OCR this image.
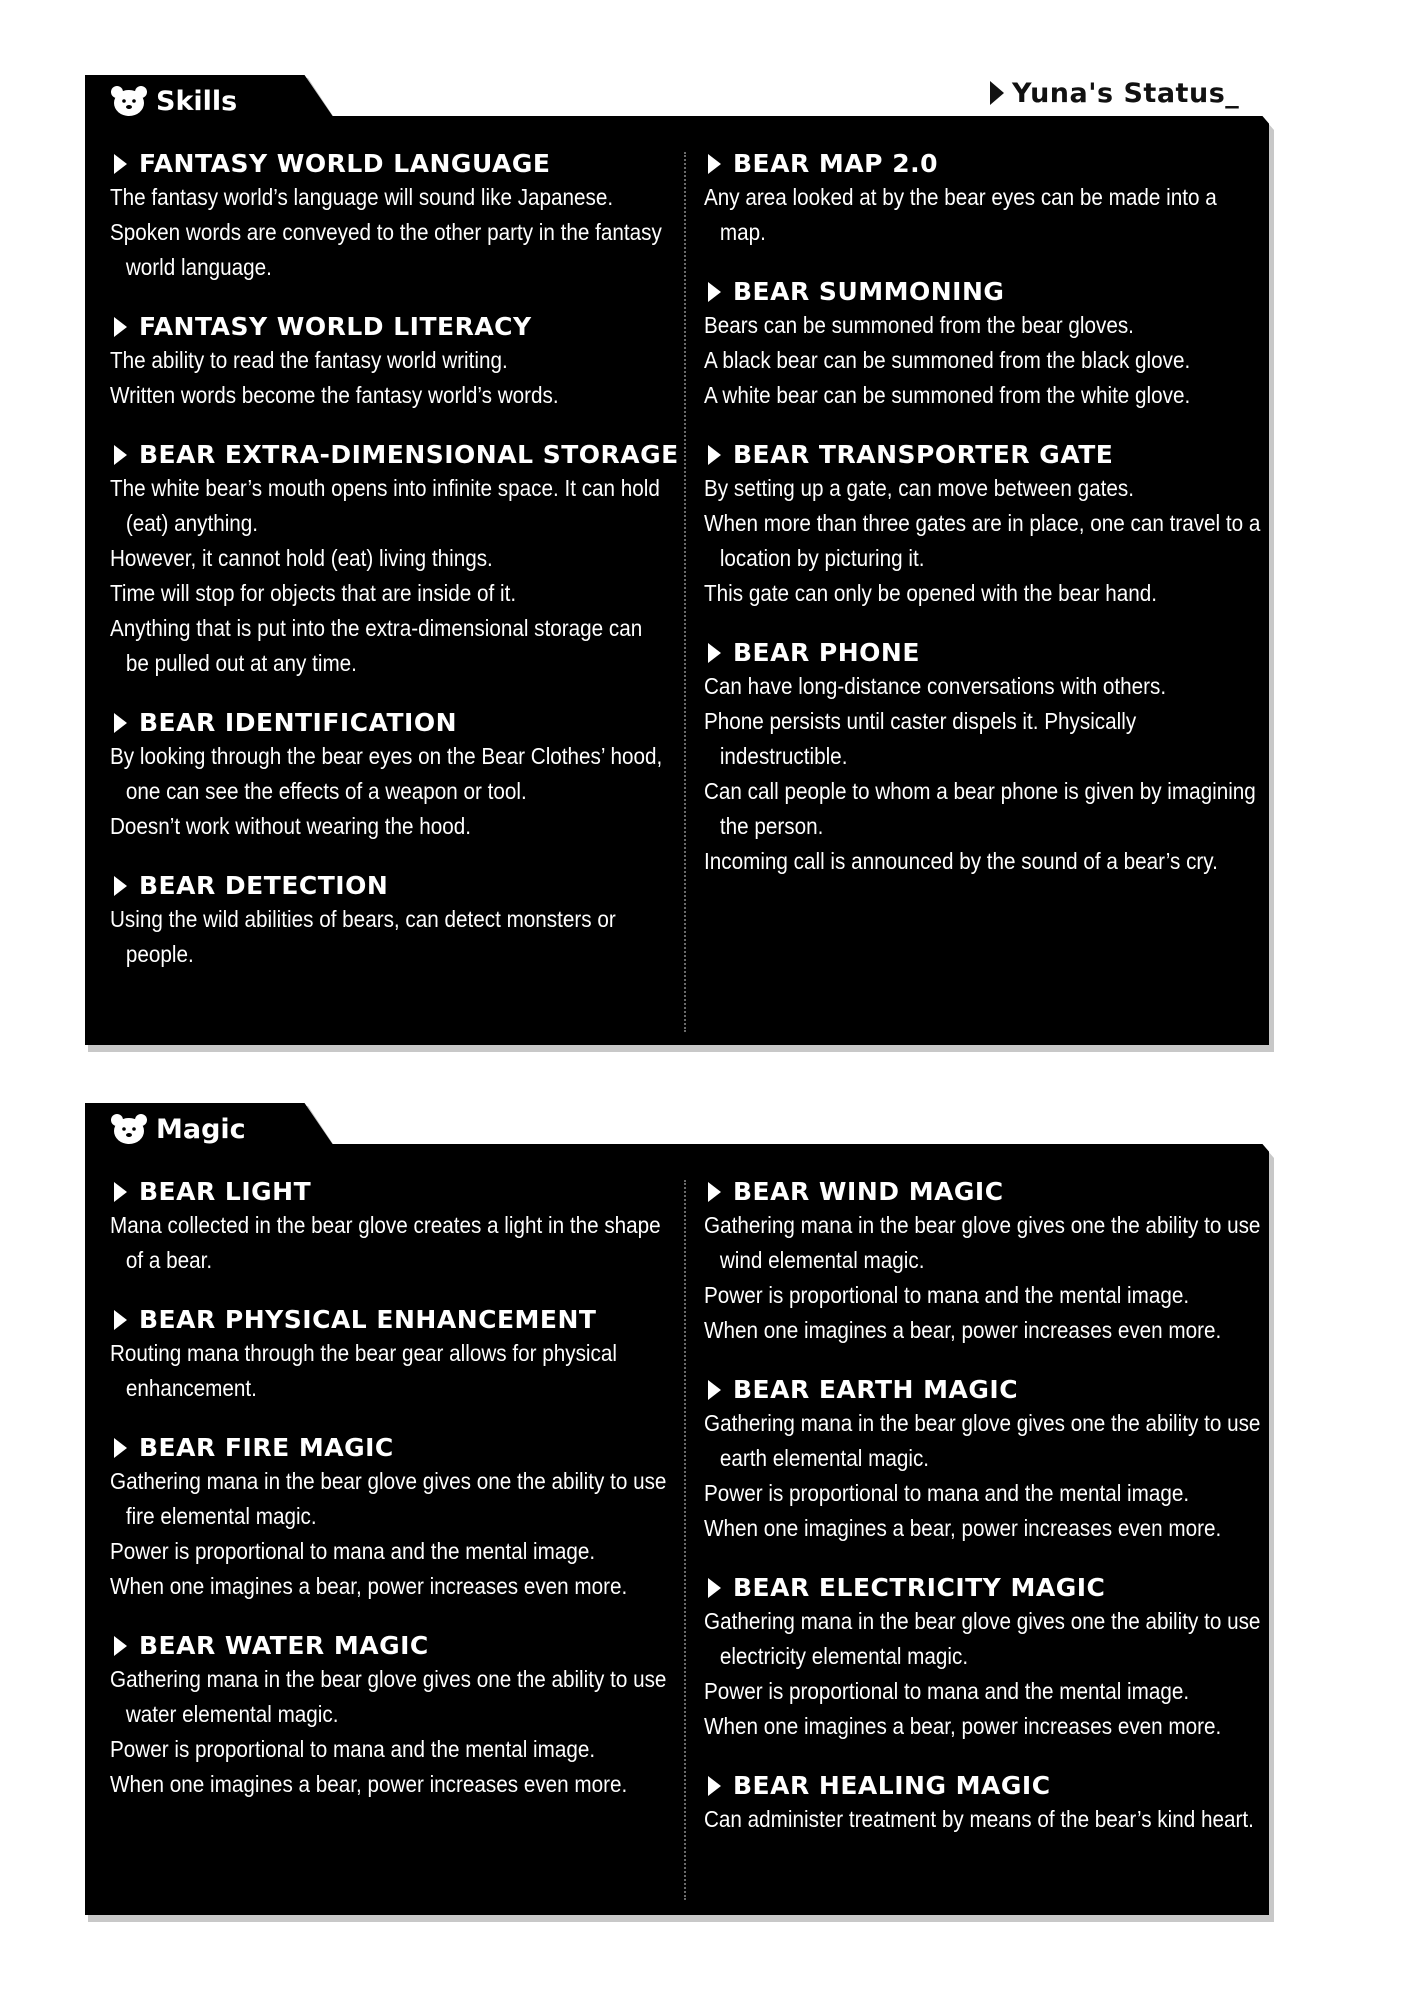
Yuna's Status_
Skills
FANTASY WORLD LANGUAGE
The fantasy world’s language will sound like Japanese.
Spoken words are conveyed to the other party in the fantasy world language.
FANTASY WORLD LITERACY
The ability to read the fantasy world writing.
Written words become the fantasy world’s words.
BEAR EXTRA-DIMENSIONAL STORAGE
The white bear’s mouth opens into infinite space. It can hold (eat) anything.
However, it cannot hold (eat) living things.
Time will stop for objects that are inside of it.
Anything that is put into the extra-dimensional storage can be pulled out at any time.
BEAR IDENTIFICATION
By looking through the bear eyes on the Bear Clothes’ hood, one can see the effects of a weapon or tool.
Doesn’t work without wearing the hood.
BEAR DETECTION
Using the wild abilities of bears, can detect monsters or people.
BEAR MAP 2.0
Any area looked at by the bear eyes can be made into a map.
BEAR SUMMONING
Bears can be summoned from the bear gloves.
A black bear can be summoned from the black glove.
A white bear can be summoned from the white glove.
BEAR TRANSPORTER GATE
By setting up a gate, can move between gates.
When more than three gates are in place, one can travel to a location by picturing it.
This gate can only be opened with the bear hand.
BEAR PHONE
Can have long-distance conversations with others.
Phone persists until caster dispels it. Physically indestructible.
Can call people to whom a bear phone is given by imagining the person.
Incoming call is announced by the sound of a bear’s cry.
Magic
BEAR LIGHT
Mana collected in the bear glove creates a light in the shape of a bear.
BEAR PHYSICAL ENHANCEMENT
Routing mana through the bear gear allows for physical enhancement.
BEAR FIRE MAGIC
Gathering mana in the bear glove gives one the ability to use fire elemental magic.
Power is proportional to mana and the mental image.
When one imagines a bear, power increases even more.
BEAR WATER MAGIC
Gathering mana in the bear glove gives one the ability to use water elemental magic.
Power is proportional to mana and the mental image.
When one imagines a bear, power increases even more.
BEAR WIND MAGIC
Gathering mana in the bear glove gives one the ability to use wind elemental magic.
Power is proportional to mana and the mental image.
When one imagines a bear, power increases even more.
BEAR EARTH MAGIC
Gathering mana in the bear glove gives one the ability to use earth elemental magic.
Power is proportional to mana and the mental image.
When one imagines a bear, power increases even more.
BEAR ELECTRICITY MAGIC
Gathering mana in the bear glove gives one the ability to use electricity elemental magic.
Power is proportional to mana and the mental image.
When one imagines a bear, power increases even more.
BEAR HEALING MAGIC
Can administer treatment by means of the bear’s kind heart.
